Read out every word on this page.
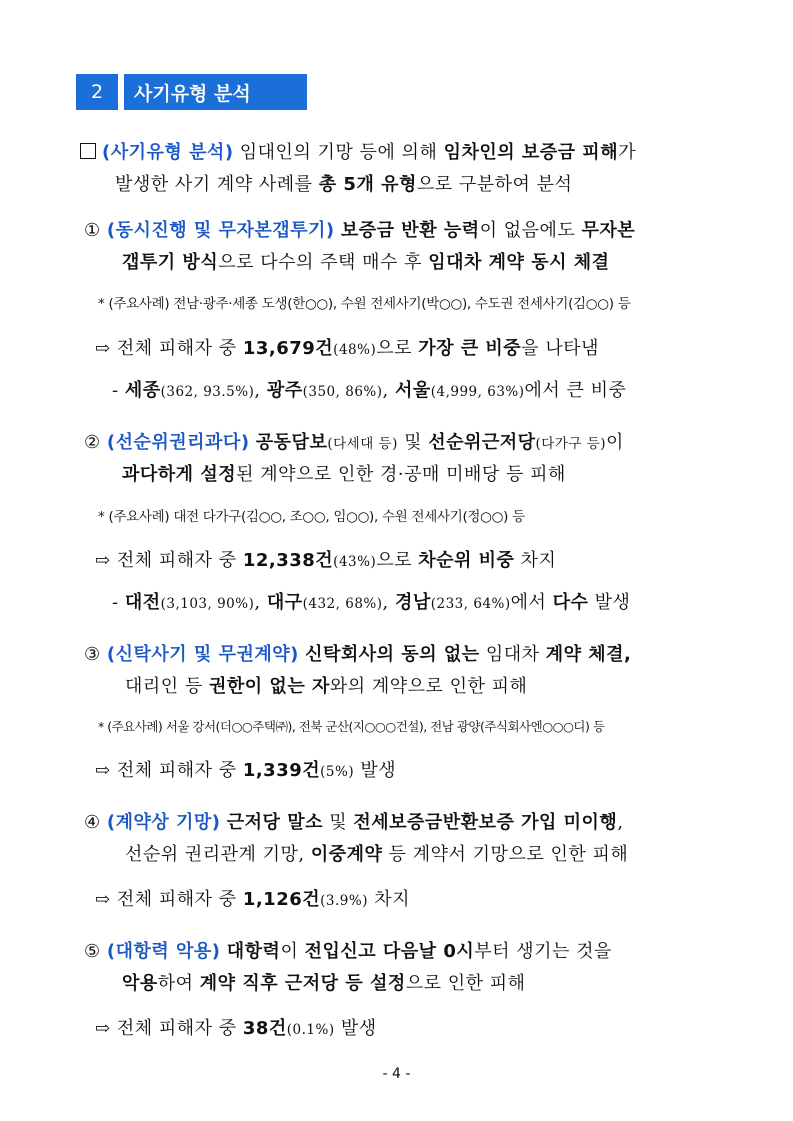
2	사기유형 분석
(사기유형 분석) 임대인의 기망 등에 의해 임차인의 보증금 피해가
발생한 사기 계약 사례를 총 5개 유형으로 구분하여 분석
① (동시진행 및 무자본갭투기) 보증금 반환 능력이 없음에도 무자본
갭투기 방식으로 다수의 주택 매수 후 임대차 계약 동시 체결
* (주요사례) 전남·광주·세종 도생(한○○), 수원 전세사기(박○○), 수도권 전세사기(김○○) 등
⇨ 전체 피해자 중 13,679건(48%)으로 가장 큰 비중을 나타냄
- 세종(362, 93.5%), 광주(350, 86%), 서울(4,999, 63%)에서 큰 비중
② (선순위권리과다) 공동담보(다세대 등) 및 선순위근저당(다가구 등)이
과다하게 설정된 계약으로 인한 경·공매 미배당 등 피해
* (주요사례) 대전 다가구(김○○, 조○○, 임○○), 수원 전세사기(정○○) 등
⇨ 전체 피해자 중 12,338건(43%)으로 차순위 비중 차지
- 대전(3,103, 90%), 대구(432, 68%), 경남(233, 64%)에서 다수 발생
③ (신탁사기 및 무권계약) 신탁회사의 동의 없는 임대차 계약 체결,
대리인 등 권한이 없는 자와의 계약으로 인한 피해
* (주요사례) 서울 강서(더○○주택㈜), 전북 군산(지○○○건설), 전남 광양(주식회사엔○○○디) 등
⇨ 전체 피해자 중 1,339건(5%) 발생
④ (계약상 기망) 근저당 말소 및 전세보증금반환보증 가입 미이행,
선순위 권리관계 기망, 이중계약 등 계약서 기망으로 인한 피해
⇨ 전체 피해자 중 1,126건(3.9%) 차지
⑤ (대항력 악용) 대항력이 전입신고 다음날 0시부터 생기는 것을
악용하여 계약 직후 근저당 등 설정으로 인한 피해
⇨ 전체 피해자 중 38건(0.1%) 발생
- 4 -
